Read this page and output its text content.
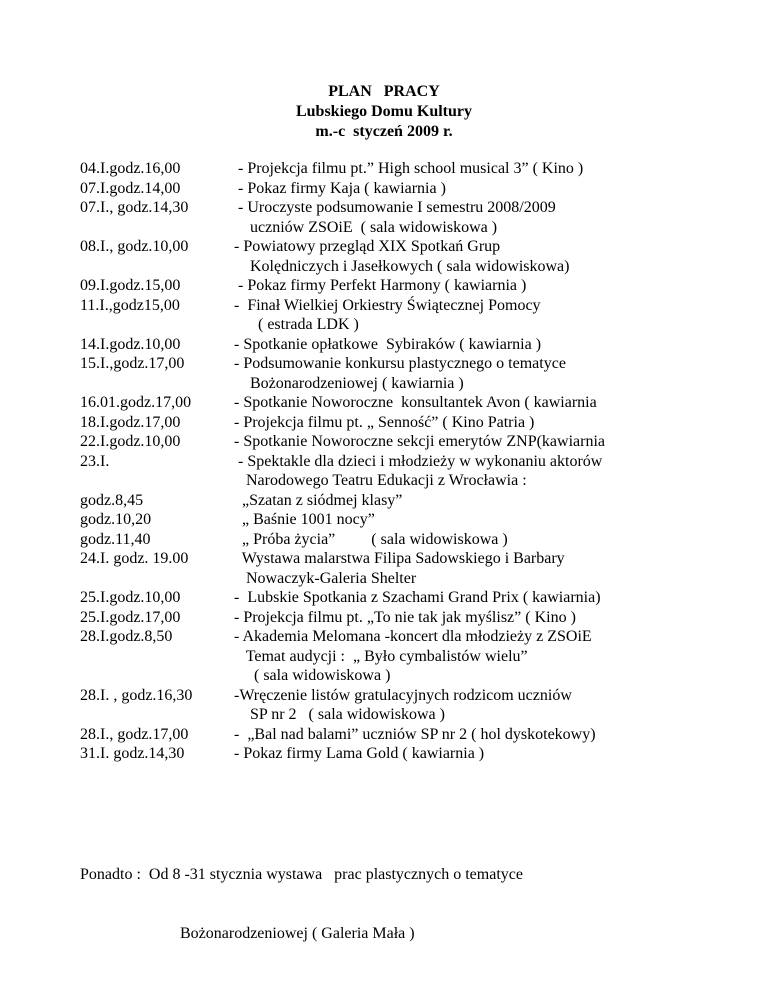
PLAN   PRACY
Lubskiego Domu Kultury
m.-c  styczeń 2009 r.
04.I.godz.16,00	- Projekcja filmu pt.” High school musical 3” ( Kino )
07.I.godz.14,00	- Pokaz firmy Kaja ( kawiarnia )
07.I., godz.14,30	- Uroczyste podsumowanie I semestru 2008/2009
uczniów ZSOiE  ( sala widowiskowa )
08.I., godz.10,00	- Powiatowy przegląd XIX Spotkań Grup
Kolędniczych i Jasełkowych ( sala widowiskowa)
09.I.godz.15,00	- Pokaz firmy Perfekt Harmony ( kawiarnia )
11.I.,godz15,00	-  Finał Wielkiej Orkiestry Świątecznej Pomocy
( estrada LDK )
14.I.godz.10,00	- Spotkanie opłatkowe  Sybiraków ( kawiarnia )
15.I.,godz.17,00	- Podsumowanie konkursu plastycznego o tematyce
Bożonarodzeniowej ( kawiarnia )
16.01.godz.17,00	- Spotkanie Noworoczne  konsultantek Avon ( kawiarnia
18.I.godz.17,00	- Projekcja filmu pt. „ Senność” ( Kino Patria )
22.I.godz.10,00	- Spotkanie Noworoczne sekcji emerytów ZNP(kawiarnia
23.I.	- Spektakle dla dzieci i młodzieży w wykonaniu aktorów
Narodowego Teatru Edukacji z Wrocławia :
godz.8,45	„Szatan z siódmej klasy”
godz.10,20	„ Baśnie 1001 nocy”
godz.11,40	„ Próba życia”         ( sala widowiskowa )
24.I. godz. 19.00	Wystawa malarstwa Filipa Sadowskiego i Barbary
Nowaczyk-Galeria Shelter
25.I.godz.10,00	-  Lubskie Spotkania z Szachami Grand Prix ( kawiarnia)
25.I.godz.17,00	- Projekcja filmu pt. „To nie tak jak myślisz” ( Kino )
28.I.godz.8,50	- Akademia Melomana -koncert dla młodzieży z ZSOiE
Temat audycji :  „ Było cymbalistów wielu”
( sala widowiskowa )
28.I. , godz.16,30	-Wręczenie listów gratulacyjnych rodzicom uczniów
SP nr 2   ( sala widowiskowa )
28.I., godz.17,00	-  „Bal nad balami” uczniów SP nr 2 ( hol dyskotekowy)
31.I. godz.14,30	- Pokaz firmy Lama Gold ( kawiarnia )

Ponadto :  Od 8 -31 stycznia wystawa   prac plastycznych o tematyce

Bożonarodzeniowej ( Galeria Mała )
